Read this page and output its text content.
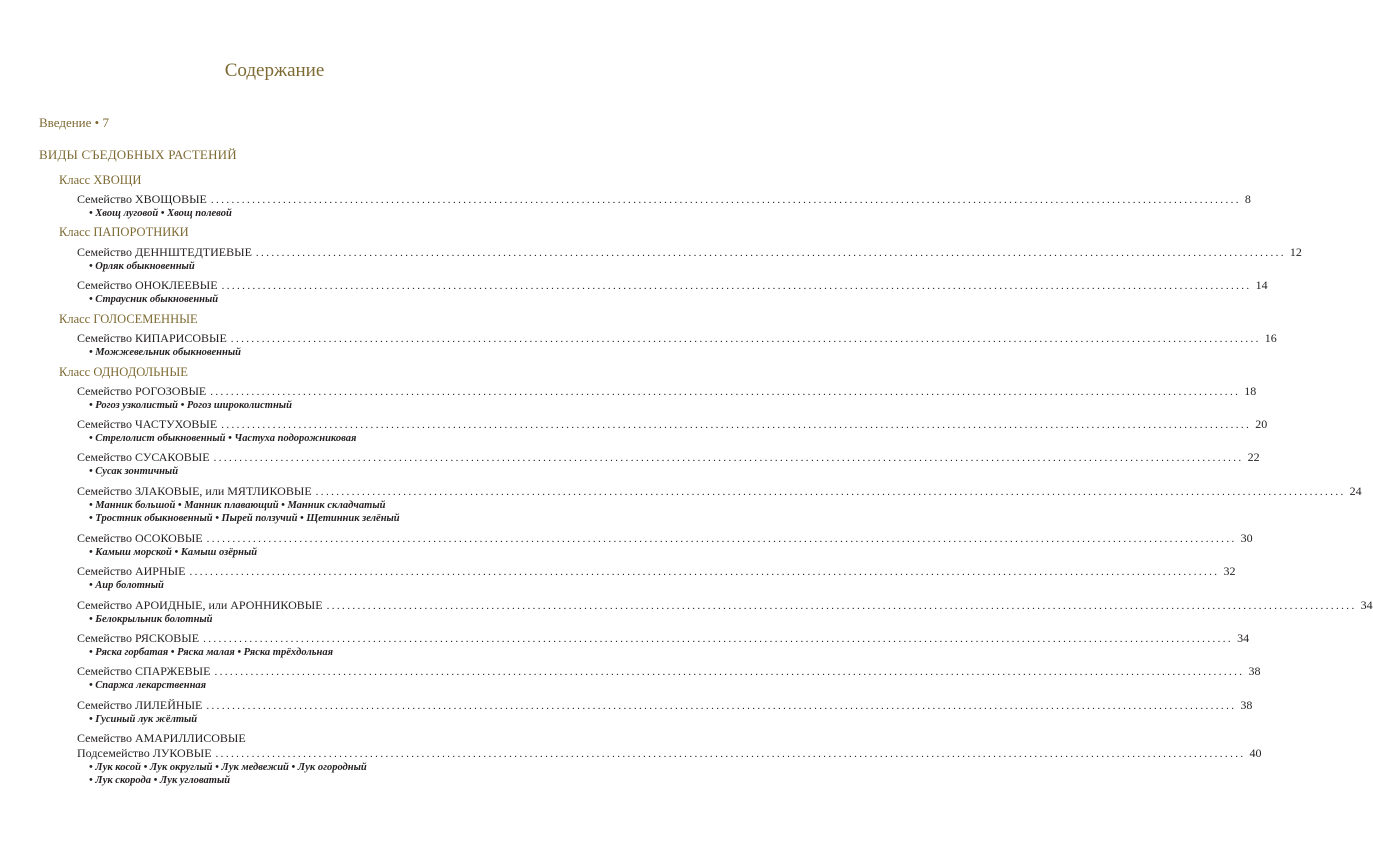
Содержание
Введение • 7
ВИДЫ СЪЕДОБНЫХ РАСТЕНИЙ
Класс ХВОЩИ
Класс ПАПОРОТНИКИ
Класс ГОЛОСЕМЕННЫЕ
Класс ОДНОДОЛЬНЫЕ
Семейство ХВОЩОВЫЕ ........................................................................................................................................................................................................ 8
• Хвощ луговой • Хвощ полевой
Семейство ДЕННШТЕДТИЕВЫЕ ........................................................................................................................................................................................................ 12
• Орляк обыкновенный
Семейство ОНОКЛЕЕВЫЕ ........................................................................................................................................................................................................ 14
• Страусник обыкновенный
Семейство КИПАРИСОВЫЕ ........................................................................................................................................................................................................ 16
• Можжевельник обыкновенный
Семейство РОГОЗОВЫЕ ........................................................................................................................................................................................................ 18
• Рогоз узколистый • Рогоз широколистный
Семейство ЧАСТУХОВЫЕ ........................................................................................................................................................................................................ 20
• Стрелолист обыкновенный • Частуха подорожниковая
Семейство СУСАКОВЫЕ ........................................................................................................................................................................................................ 22
• Сусак зонтичный
Семейство ЗЛАКОВЫЕ, или МЯТЛИКОВЫЕ ........................................................................................................................................................................................................ 24
• Манник большой • Манник плавающий • Манник складчатый
• Тростник обыкновенный • Пырей ползучий • Щетинник зелёный
Семейство ОСОКОВЫЕ ........................................................................................................................................................................................................ 30
• Камыш морской • Камыш озёрный
Семейство АИРНЫЕ ........................................................................................................................................................................................................ 32
• Аир болотный
Семейство АРОИДНЫЕ, или АРОННИКОВЫЕ ........................................................................................................................................................................................................ 34
• Белокрыльник болотный
Семейство РЯСКОВЫЕ ........................................................................................................................................................................................................ 34
• Ряска горбатая • Ряска малая • Ряска трёхдольная
Семейство СПАРЖЕВЫЕ ........................................................................................................................................................................................................ 38
• Спаржа лекарственная
Семейство ЛИЛЕЙНЫЕ ........................................................................................................................................................................................................ 38
• Гусиный лук жёлтый
Семейство АМАРИЛЛИСОВЫЕ
Подсемейство ЛУКОВЫЕ ........................................................................................................................................................................................................ 40
• Лук косой • Лук округлый • Лук медвежий • Лук огородный
• Лук скорода • Лук угловатый
